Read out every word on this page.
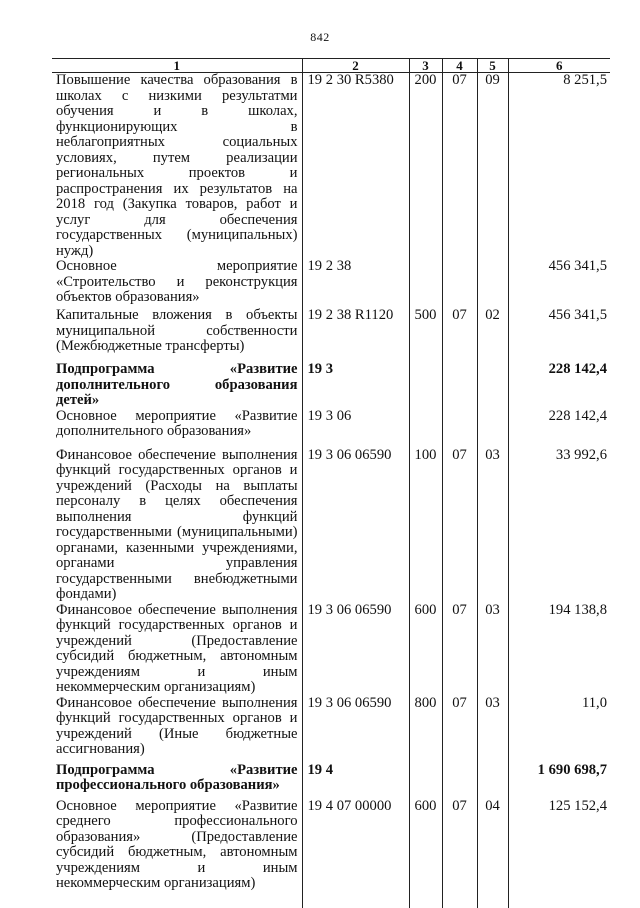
842
1	2	3	4	5	6
Повышение качества образования в школах с низкими результатми обучения и в школах, функционирующих в неблагоприятных социальных условиях, путем реализации региональных проектов и распространения их результатов на 2018 год (Закупка товаров, работ и услуг для обеспечения государственных (муниципальных) нужд)	19 2 30 R5380	200	07	09	8 251,5
Основное мероприятие «Строительство и реконструкция объектов образования»	19 2 38				456 341,5
Капитальные вложения в объекты муниципальной собственности (Межбюджетные трансферты)	19 2 38 R1120	500	07	02	456 341,5
Подпрограмма «Развитие дополнительного образования детей»	19 3				228 142,4
Основное мероприятие «Развитие дополнительного образования»	19 3 06				228 142,4
Финансовое обеспечение выполнения функций государственных органов и учреждений (Расходы на выплаты персоналу в целях обеспечения выполнения функций государственными (муниципальными) органами, казенными учреждениями, органами управления государственными внебюджетными фондами)	19 3 06 06590	100	07	03	33 992,6
Финансовое обеспечение выполнения функций государственных органов и учреждений (Предоставление субсидий бюджетным, автономным учреждениям и иным некоммерческим организациям)	19 3 06 06590	600	07	03	194 138,8
Финансовое обеспечение выполнения функций государственных органов и учреждений (Иные бюджетные ассигнования)	19 3 06 06590	800	07	03	11,0
Подпрограмма «Развитие профессионального образования»	19 4				1 690 698,7
Основное мероприятие «Развитие среднего профессионального образования» (Предоставление субсидий бюджетным, автономным учреждениям и иным некоммерческим организациям)	19 4 07 00000	600	07	04	125 152,4
